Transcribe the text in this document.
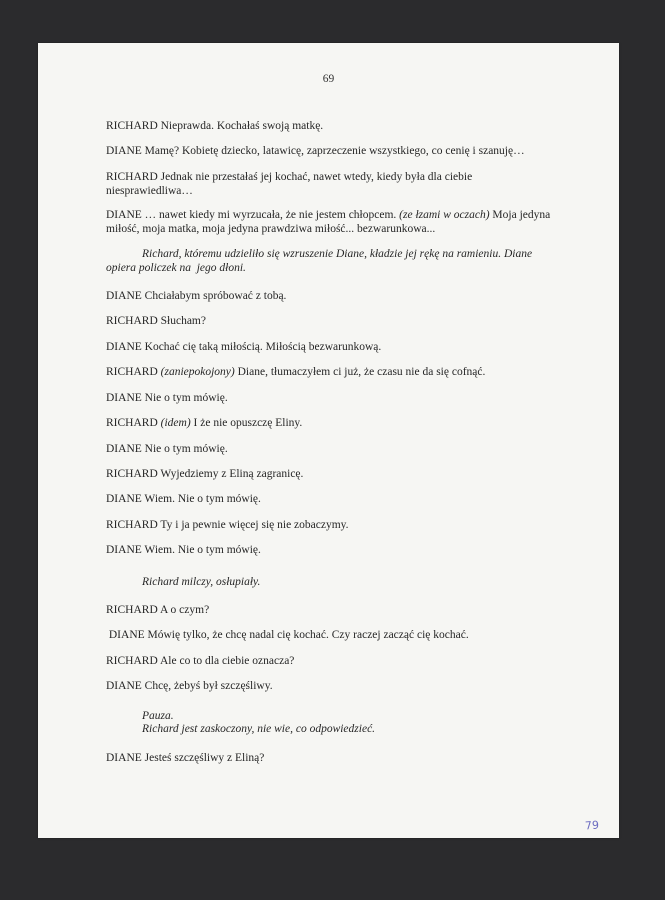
69
RICHARD Nieprawda. Kochałaś swoją matkę.
DIANE Mamę? Kobietę dziecko, latawicę, zaprzeczenie wszystkiego, co cenię i szanuję…
RICHARD Jednak nie przestałaś jej kochać, nawet wtedy, kiedy była dla ciebie niesprawiedliwa…
DIANE … nawet kiedy mi wyrzucała, że nie jestem chłopcem. (ze łzami w oczach) Moja jedyna miłość, moja matka, moja jedyna prawdziwa miłość... bezwarunkowa...
Richard, któremu udzieliło się wzruszenie Diane, kładzie jej rękę na ramieniu. Diane opiera policzek na  jego dłoni.
DIANE Chciałabym spróbować z tobą.
RICHARD Słucham?
DIANE Kochać cię taką miłością. Miłością bezwarunkową.
RICHARD (zaniepokojony) Diane, tłumaczyłem ci już, że czasu nie da się cofnąć.
DIANE Nie o tym mówię.
RICHARD (idem) I że nie opuszczę Eliny.
DIANE Nie o tym mówię.
RICHARD Wyjedziemy z Eliną zagranicę.
DIANE Wiem. Nie o tym mówię.
RICHARD Ty i ja pewnie więcej się nie zobaczymy.
DIANE Wiem. Nie o tym mówię.
Richard milczy, osłupiały.
RICHARD A o czym?
DIANE Mówię tylko, że chcę nadal cię kochać. Czy raczej zacząć cię kochać.
RICHARD Ale co to dla ciebie oznacza?
DIANE Chcę, żebyś był szczęśliwy.
Pauza.
Richard jest zaskoczony, nie wie, co odpowiedzieć.
DIANE Jesteś szczęśliwy z Eliną?
79
